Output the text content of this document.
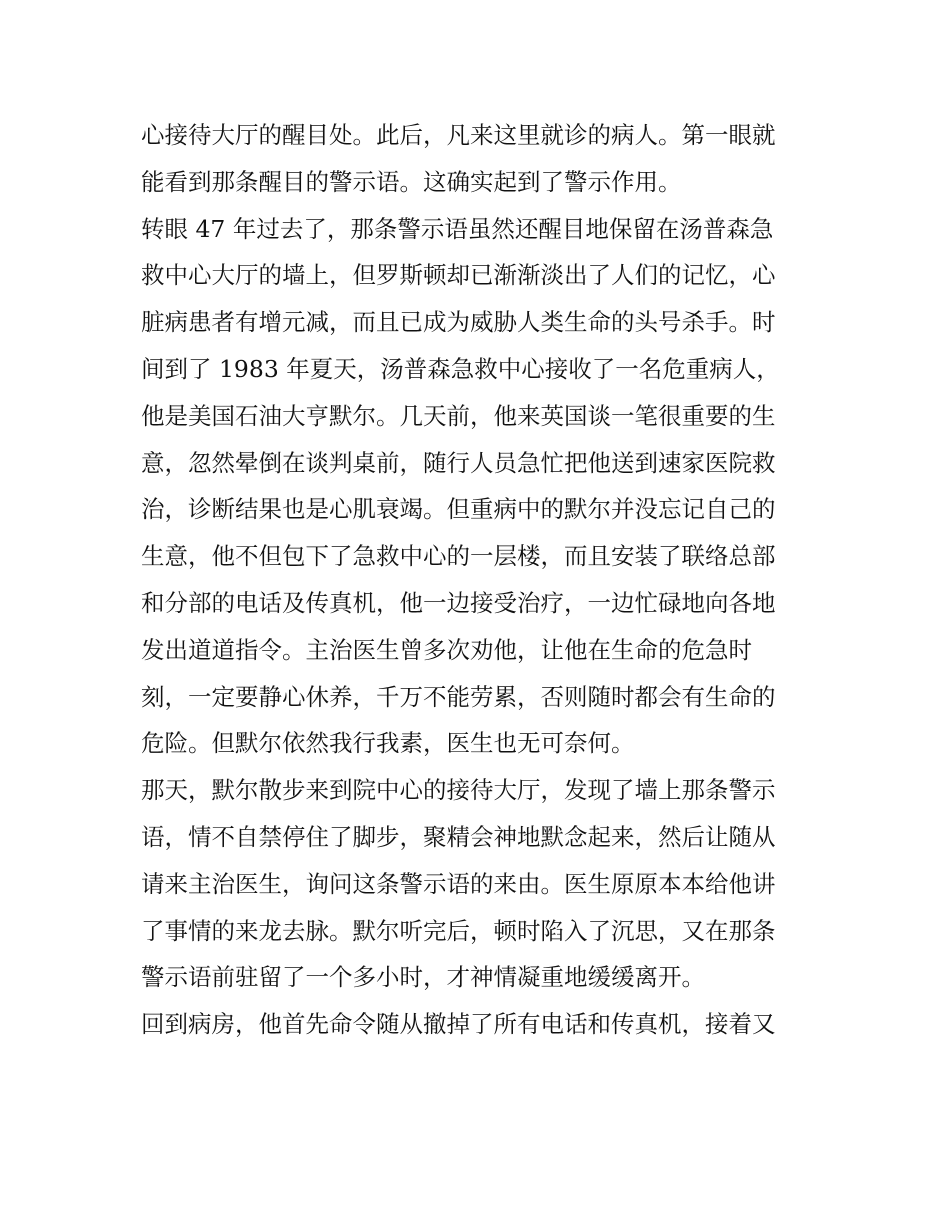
心接待大厅的醒目处。此后，凡来这里就诊的病人。第一眼就
能看到那条醒目的警示语。这确实起到了警示作用。
转眼 47 年过去了，那条警示语虽然还醒目地保留在汤普森急
救中心大厅的墙上，但罗斯顿却已渐渐淡出了人们的记忆，心
脏病患者有增元减，而且已成为威胁人类生命的头号杀手。时
间到了 1983 年夏天，汤普森急救中心接收了一名危重病人，
他是美国石油大亨默尔。几天前，他来英国谈一笔很重要的生
意，忽然晕倒在谈判桌前，随行人员急忙把他送到速家医院救
治，诊断结果也是心肌衰竭。但重病中的默尔并没忘记自己的
生意，他不但包下了急救中心的一层楼，而且安装了联络总部
和分部的电话及传真机，他一边接受治疗，一边忙碌地向各地
发出道道指令。主治医生曾多次劝他，让他在生命的危急时
刻，一定要静心休养，千万不能劳累，否则随时都会有生命的
危险。但默尔依然我行我素，医生也无可奈何。
那天，默尔散步来到院中心的接待大厅，发现了墙上那条警示
语，情不自禁停住了脚步，聚精会神地默念起来，然后让随从
请来主治医生，询问这条警示语的来由。医生原原本本给他讲
了事情的来龙去脉。默尔听完后，顿时陷入了沉思，又在那条
警示语前驻留了一个多小时，才神情凝重地缓缓离开。
回到病房，他首先命令随从撤掉了所有电话和传真机，接着又
